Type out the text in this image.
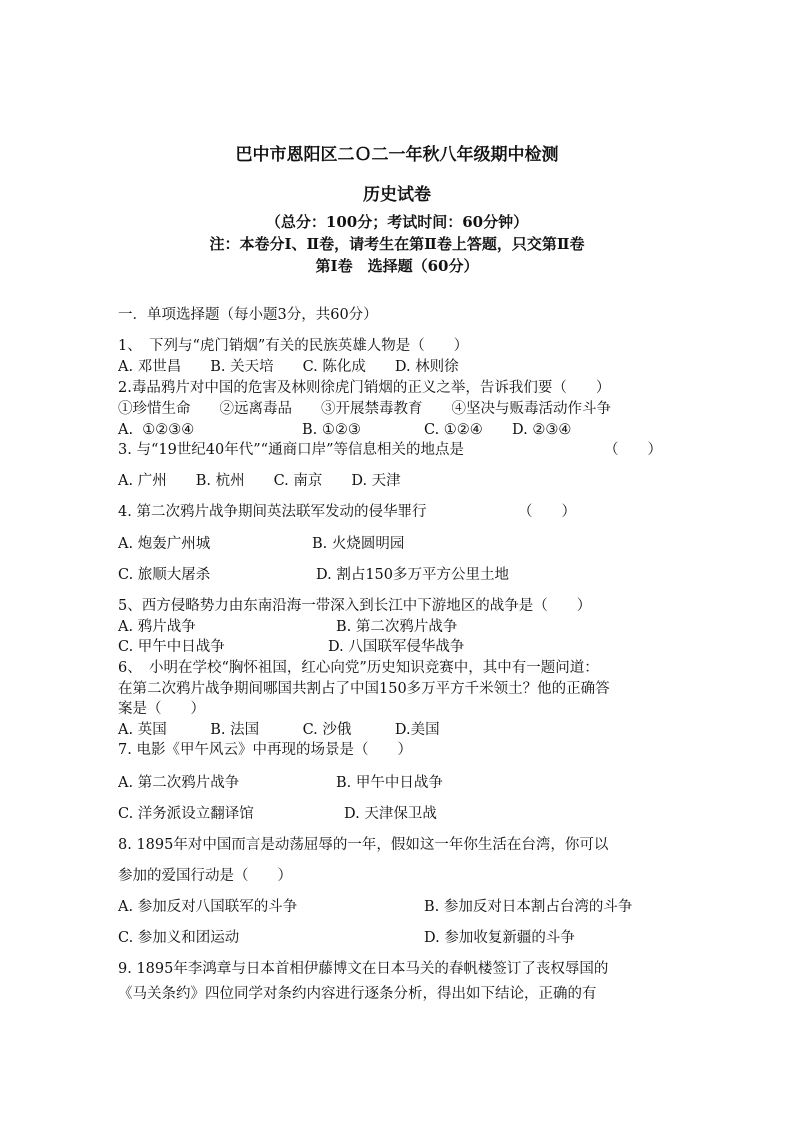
巴中市恩阳区二Ｏ二一年秋八年级期中检测
历史试卷
（总分：100分；考试时间：60分钟）
注：本卷分Ⅰ、Ⅱ卷，请考生在第Ⅱ卷上答题，只交第Ⅱ卷
第Ⅰ卷　选择题（60分）
一．单项选择题（每小题3分，共60分）
1、　下列与“虎门销烟”有关的民族英雄人物是（　　）
A. 邓世昌　　B. 关天培　　C. 陈化成　　D. 林则徐
2.毒品鸦片对中国的危害及林则徐虎门销烟的正义之举，告诉我们要（　　）
①珍惜生命　　②远离毒品　　③开展禁毒教育　　④坚决与贩毒活动作斗争
A.  ①②③④	B. ①②③	C. ①②④ D. ②③④
3. 与“19世纪40年代”“通商口岸”等信息相关的地点是	（　　）
A. 广州　　B. 杭州　　C. 南京　　D. 天津
4. 第二次鸦片战争期间英法联军发动的侵华罪行	（　　）
A. 炮轰广州城	B. 火烧圆明园
C. 旅顺大屠杀	D. 割占150多万平方公里土地
5、西方侵略势力由东南沿海一带深入到长江中下游地区的战争是（　　）
A. 鸦片战争	B. 第二次鸦片战争
C. 甲午中日战争	D. 八国联军侵华战争
6、　小明在学校“胸怀祖国，红心向党”历史知识竞赛中，其中有一题问道：
在第二次鸦片战争期间哪国共割占了中国150多万平方千米领土？他的正确答
案是（　　）
A. 英国　　　B. 法国　　　C. 沙俄　　　D.美国
7. 电影《甲午风云》中再现的场景是（　　）
A. 第二次鸦片战争	B. 甲午中日战争
C. 洋务派设立翻译馆	D. 天津保卫战
8. 1895年对中国而言是动荡屈辱的一年，假如这一年你生活在台湾，你可以
参加的爱国行动是（　　）
A. 参加反对八国联军的斗争	B. 参加反对日本割占台湾的斗争
C. 参加义和团运动	D. 参加收复新疆的斗争
9. 1895年李鸿章与日本首相伊藤博文在日本马关的春帆楼签订了丧权辱国的
《马关条约》四位同学对条约内容进行逐条分析，得出如下结论，正确的有
